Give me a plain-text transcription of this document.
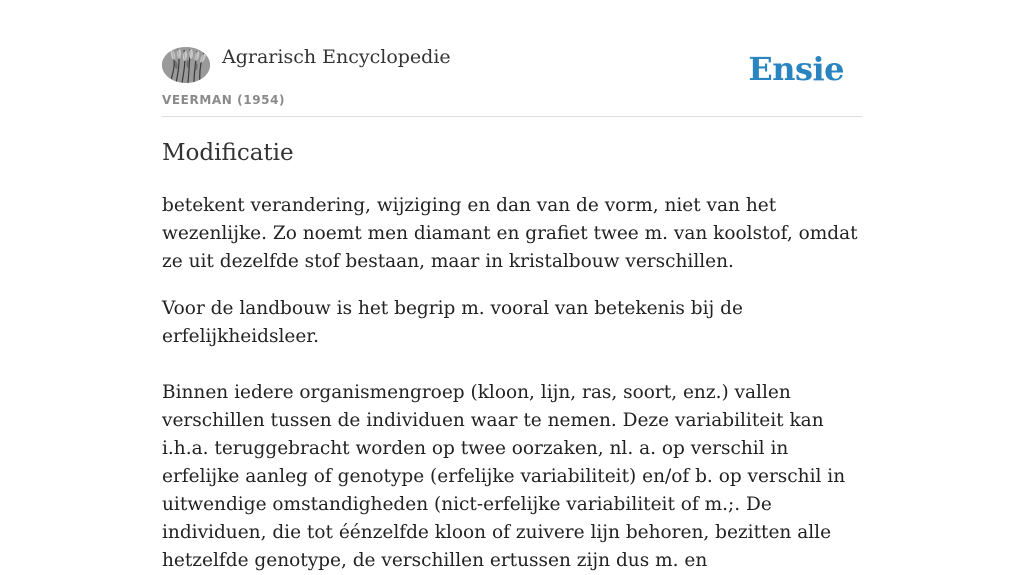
Agrarisch Encyclopedie
VEERMAN (1954)
Ensie
Modificatie

betekent verandering, wijziging en dan van de vorm, niet van het wezenlijke. Zo noemt men diamant en grafiet twee m. van koolstof, omdat ze uit dezelfde stof bestaan, maar in kristalbouw verschillen.

Voor de landbouw is het begrip m. vooral van betekenis bij de erfelijkheidsleer.

Binnen iedere organismengroep (kloon, lijn, ras, soort, enz.) vallen verschillen tussen de individuen waar te nemen. Deze variabiliteit kan i.h.a. teruggebracht worden op twee oorzaken, nl. a. op verschil in erfelijke aanleg of genotype (erfelijke variabiliteit) en/of b. op verschil in uitwendige omstandigheden (nict-erfelijke variabiliteit of m.;. De individuen, die tot éénzelfde kloon of zuivere lijn behoren, bezitten alle hetzelfde genotype, de verschillen ertussen zijn dus m. en
